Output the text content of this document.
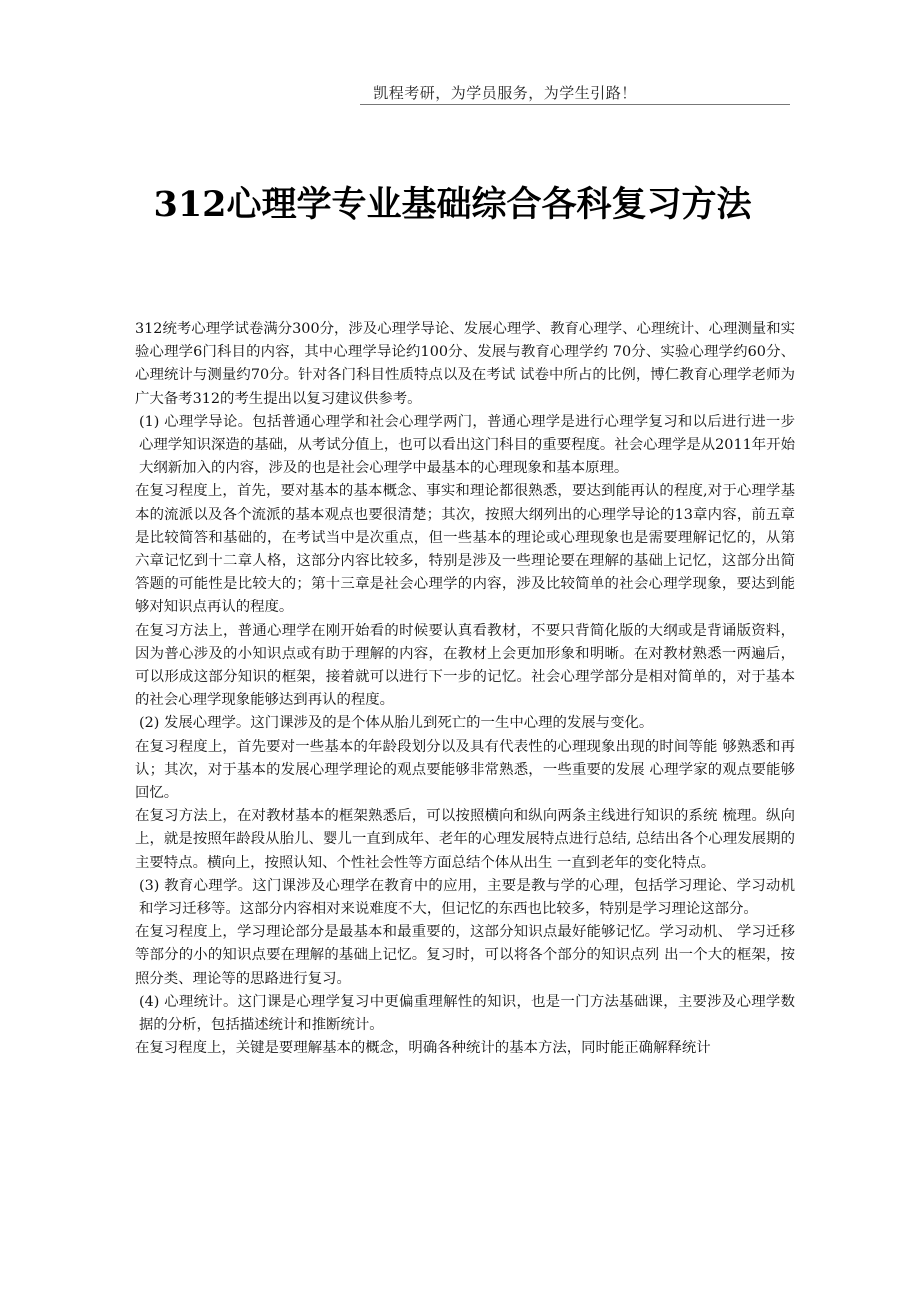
凯程考研，为学员服务，为学生引路！
312心理学专业基础综合各科复习方法

312统考心理学试卷满分300分，涉及心理学导论、发展心理学、教育心理学、心理统计、心理测量和实验心理学6门科目的内容，其中心理学导论约100分、发展与教育心理学约 70分、实验心理学约60分、心理统计与测量约70分。针对各门科目性质特点以及在考试 试卷中所占的比例，博仁教育心理学老师为广大备考312的考生提出以复习建议供参考。

(1) 心理学导论。包括普通心理学和社会心理学两门，普通心理学是进行心理学复习和以后进行进一步心理学知识深造的基础，从考试分值上，也可以看出这门科目的重要程度。社会心理学是从2011年开始大纲新加入的内容，涉及的也是社会心理学中最基本的心理现象和基本原理。

在复习程度上，首先，要对基本的基本概念、事实和理论都很熟悉，要达到能再认的程度,对于心理学基本的流派以及各个流派的基本观点也要很清楚；其次，按照大纲列出的心理学导论的13章内容，前五章是比较简答和基础的，在考试当中是次重点，但一些基本的理论或心理现象也是需要理解记忆的，从第六章记忆到十二章人格，这部分内容比较多，特别是涉及一些理论要在理解的基础上记忆，这部分出简答题的可能性是比较大的；第十三章是社会心理学的内容，涉及比较简单的社会心理学现象，要达到能够对知识点再认的程度。

在复习方法上，普通心理学在刚开始看的时候要认真看教材，不要只背简化版的大纲或是背诵版资料，因为普心涉及的小知识点或有助于理解的内容，在教材上会更加形象和明晰。在对教材熟悉一两遍后，可以形成这部分知识的框架，接着就可以进行下一步的记忆。社会心理学部分是相对简单的，对于基本的社会心理学现象能够达到再认的程度。

(2) 发展心理学。这门课涉及的是个体从胎儿到死亡的一生中心理的发展与变化。

在复习程度上，首先要对一些基本的年龄段划分以及具有代表性的心理现象出现的时间等能 够熟悉和再认；其次，对于基本的发展心理学理论的观点要能够非常熟悉，一些重要的发展 心理学家的观点要能够回忆。

在复习方法上，在对教材基本的框架熟悉后，可以按照横向和纵向两条主线进行知识的系统 梳理。纵向上，就是按照年龄段从胎儿、婴儿一直到成年、老年的心理发展特点进行总结, 总结出各个心理发展期的主要特点。横向上，按照认知、个性社会性等方面总结个体从出生 一直到老年的变化特点。

(3) 教育心理学。这门课涉及心理学在教育中的应用，主要是教与学的心理，包括学习理论、学习动机和学习迁移等。这部分内容相对来说难度不大，但记忆的东西也比较多，特别是学习理论这部分。

在复习程度上，学习理论部分是最基本和最重要的，这部分知识点最好能够记忆。学习动机、 学习迁移等部分的小的知识点要在理解的基础上记忆。复习时，可以将各个部分的知识点列 出一个大的框架，按照分类、理论等的思路进行复习。

(4) 心理统计。这门课是心理学复习中更偏重理解性的知识，也是一门方法基础课，主要涉及心理学数据的分析，包括描述统计和推断统计。

在复习程度上，关键是要理解基本的概念，明确各种统计的基本方法，同时能正确解释统计
